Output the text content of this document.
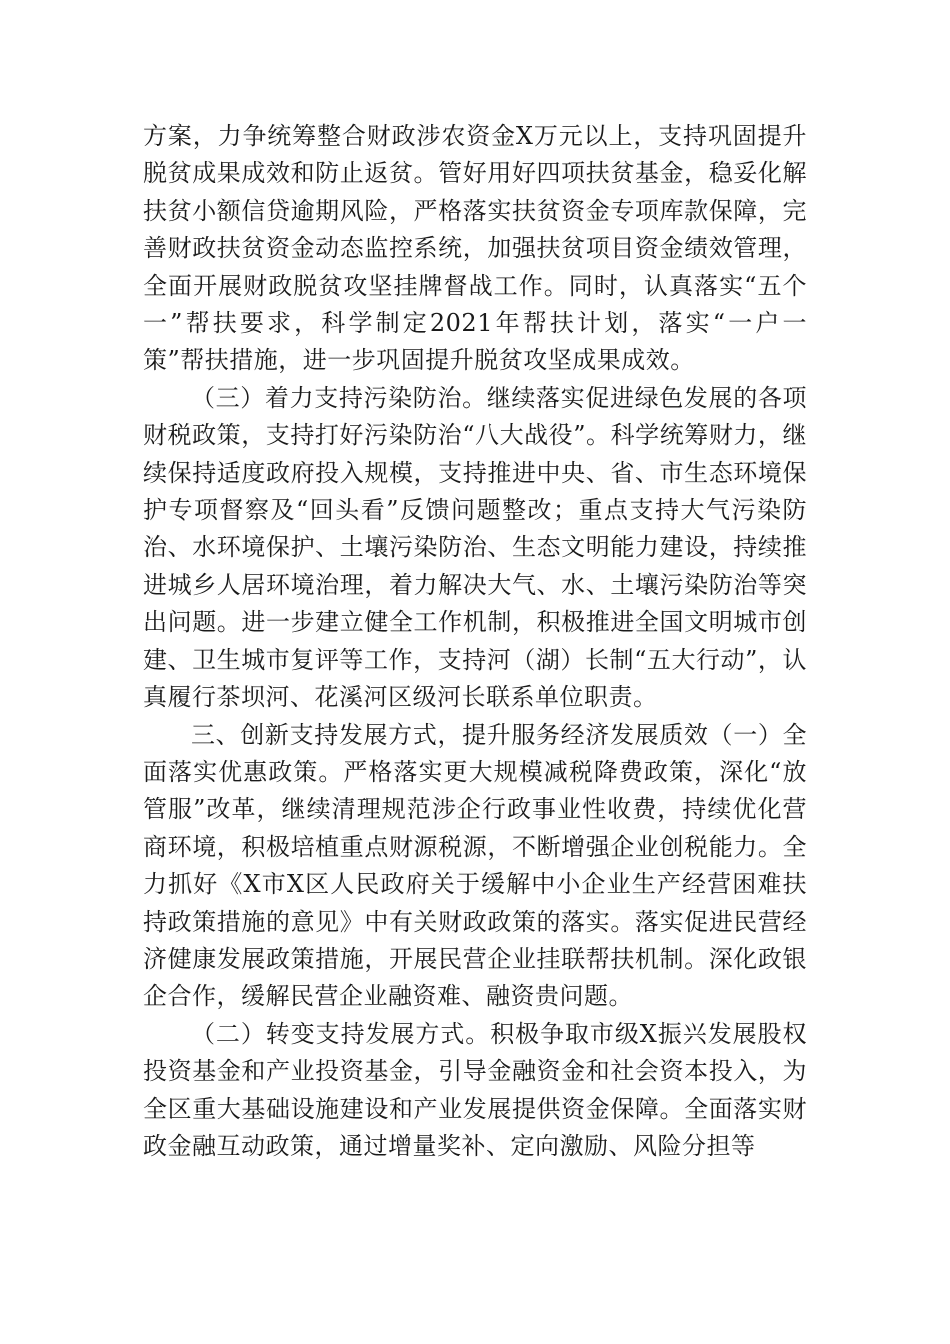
方案，力争统筹整合财政涉农资金X万元以上，支持巩固提升脱贫成果成效和防止返贫。管好用好四项扶贫基金，稳妥化解扶贫小额信贷逾期风险，严格落实扶贫资金专项库款保障，完善财政扶贫资金动态监控系统，加强扶贫项目资金绩效管理，全面开展财政脱贫攻坚挂牌督战工作。同时，认真落实“五个一”帮扶要求，科学制定2021年帮扶计划，落实“一户一策”帮扶措施，进一步巩固提升脱贫攻坚成果成效。

（三）着力支持污染防治。继续落实促进绿色发展的各项财税政策，支持打好污染防治“八大战役”。科学统筹财力，继续保持适度政府投入规模，支持推进中央、省、市生态环境保护专项督察及“回头看”反馈问题整改；重点支持大气污染防治、水环境保护、土壤污染防治、生态文明能力建设，持续推进城乡人居环境治理，着力解决大气、水、土壤污染防治等突出问题。进一步建立健全工作机制，积极推进全国文明城市创建、卫生城市复评等工作，支持河（湖）长制“五大行动”，认真履行茶坝河、花溪河区级河长联系单位职责。

三、创新支持发展方式，提升服务经济发展质效（一）全面落实优惠政策。严格落实更大规模减税降费政策，深化“放管服”改革，继续清理规范涉企行政事业性收费，持续优化营商环境，积极培植重点财源税源，不断增强企业创税能力。全力抓好《X市X区人民政府关于缓解中小企业生产经营困难扶持政策措施的意见》中有关财政政策的落实。落实促进民营经济健康发展政策措施，开展民营企业挂联帮扶机制。深化政银企合作，缓解民营企业融资难、融资贵问题。

（二）转变支持发展方式。积极争取市级X振兴发展股权投资基金和产业投资基金，引导金融资金和社会资本投入，为全区重大基础设施建设和产业发展提供资金保障。全面落实财政金融互动政策，通过增量奖补、定向激励、风险分担等
